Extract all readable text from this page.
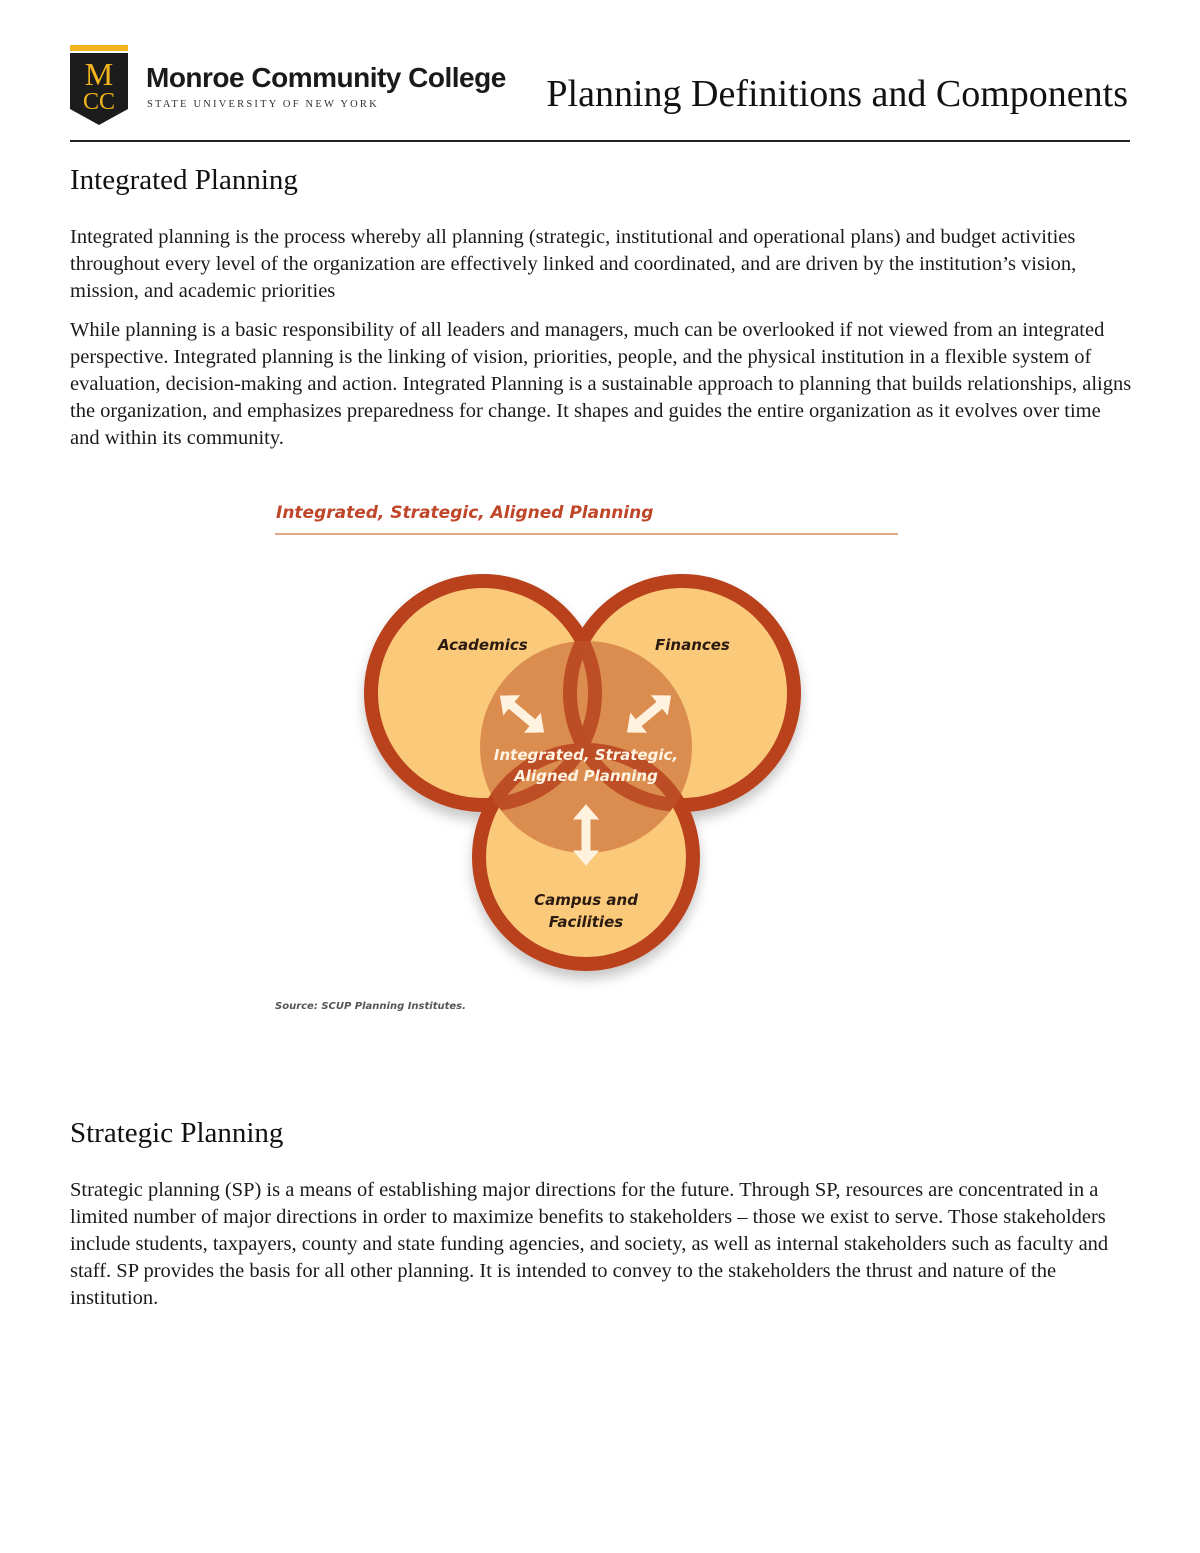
M
CC
Monroe Community College
STATE UNIVERSITY OF NEW YORK	Planning Definitions and Components
Integrated Planning

Integrated planning is the process whereby all planning (strategic, institutional and operational plans) and budget activities throughout every level of the organization are effectively linked and coordinated, and are driven by the institution’s vision, mission, and academic priorities

While planning is a basic responsibility of all leaders and managers, much can be overlooked if not viewed from an integrated perspective. Integrated planning is the linking of vision, priorities, people, and the physical institution in a flexible system of evaluation, decision-making and action. Integrated Planning is a sustainable approach to planning that builds relationships, aligns the organization, and emphasizes preparedness for change. It shapes and guides the entire organization as it evolves over time and within its community.

Integrated, Strategic, Aligned Planning
Academics	Finances
Integrated, Strategic,
Aligned Planning
Campus and
Facilities
Source: SCUP Planning Institutes.
Strategic Planning

Strategic planning (SP) is a means of establishing major directions for the future. Through SP, resources are concentrated in a limited number of major directions in order to maximize benefits to stakeholders – those we exist to serve. Those stakeholders include students, taxpayers, county and state funding agencies, and society, as well as internal stakeholders such as faculty and staff. SP provides the basis for all other planning. It is intended to convey to the stakeholders the thrust and nature of the institution.
